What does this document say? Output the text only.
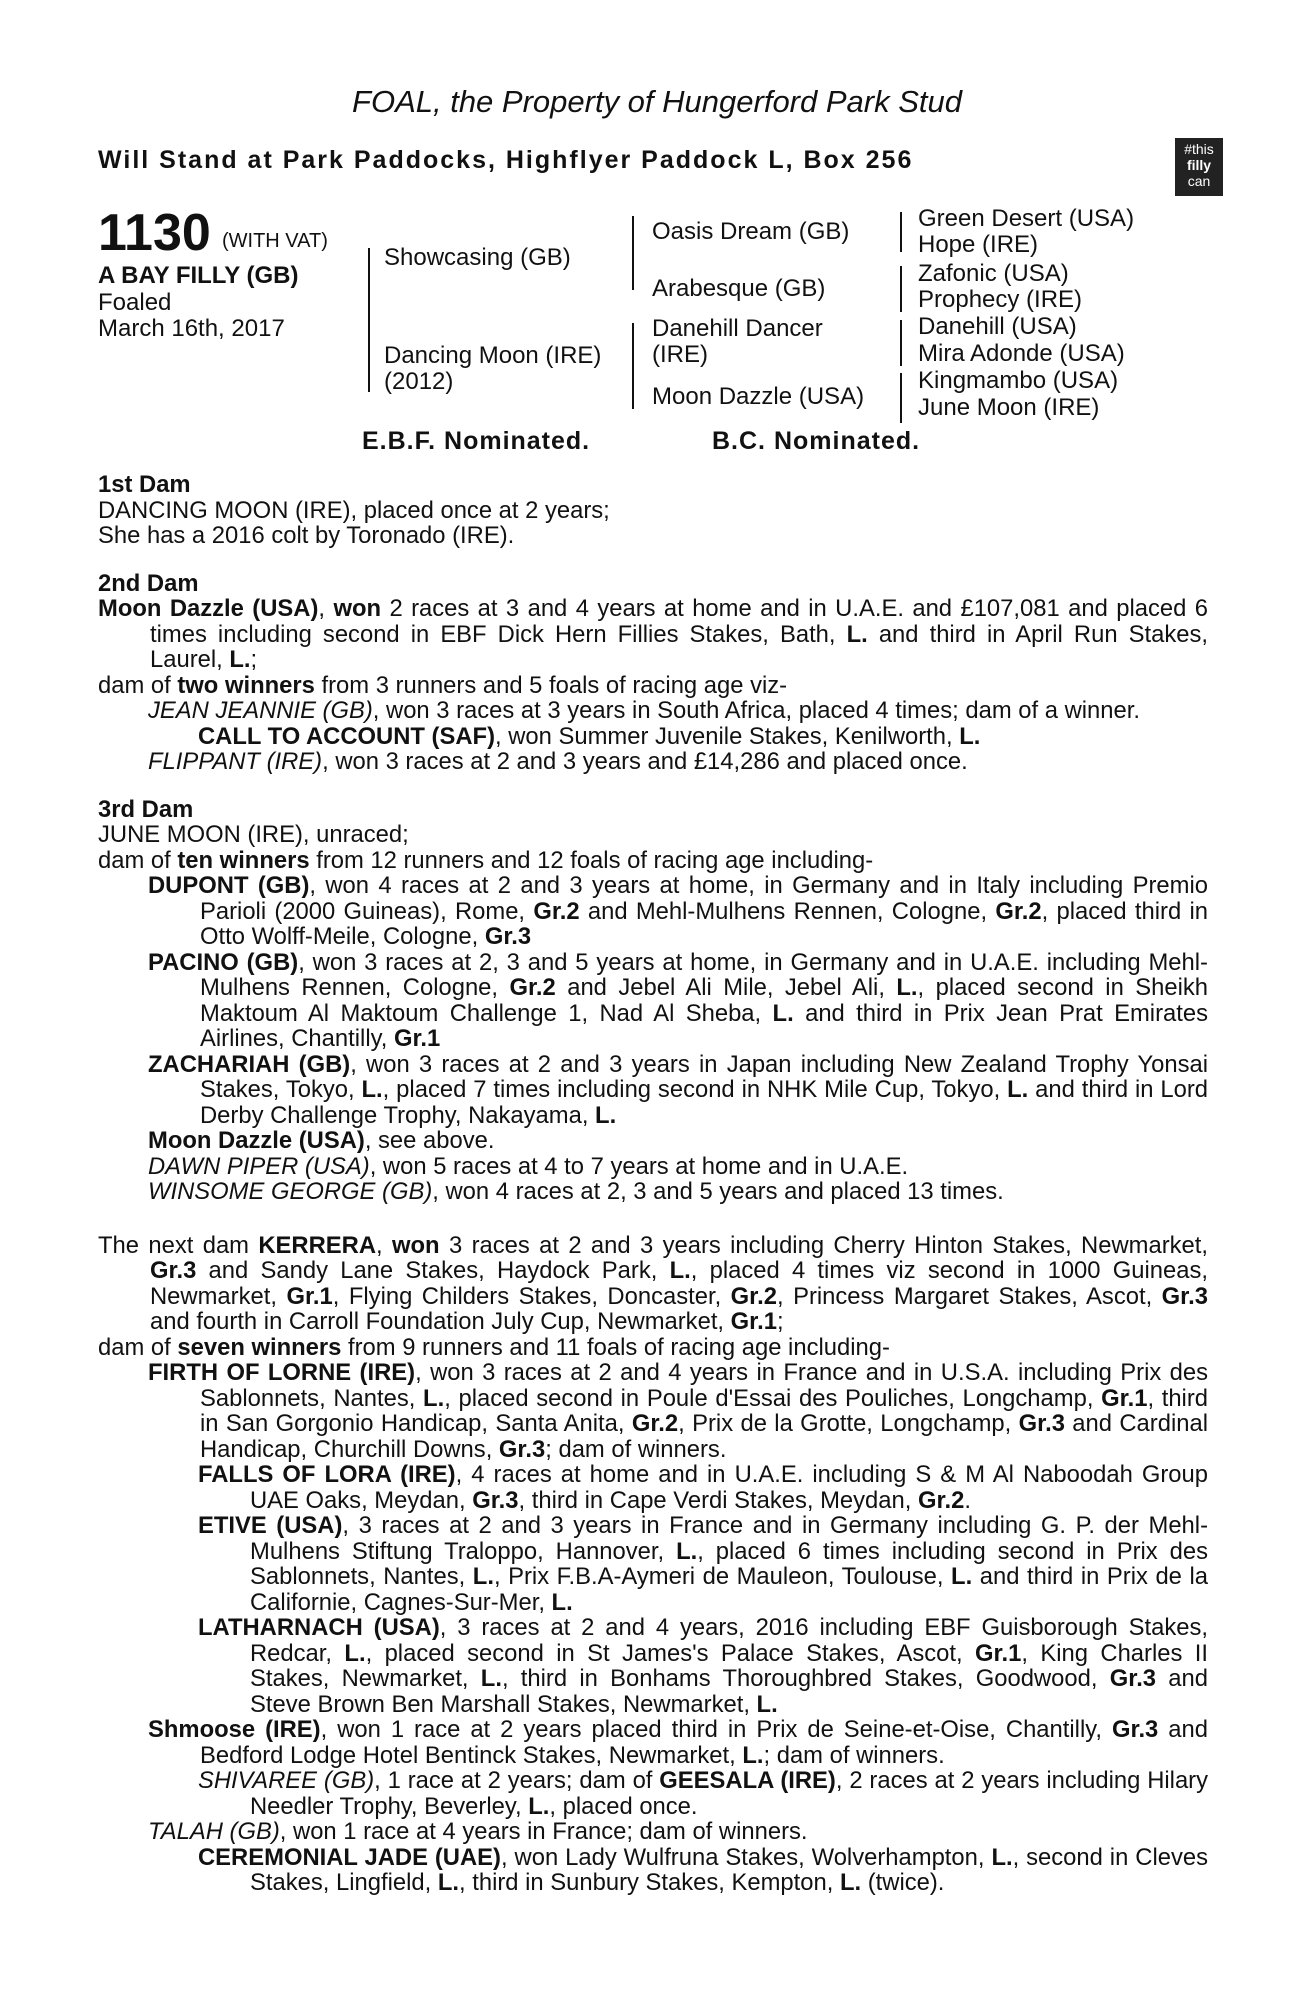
FOAL, the Property of Hungerford Park Stud
Will Stand at Park Paddocks, Highflyer Paddock L, Box 256	#this
filly
can
1130 (WITH VAT)
A BAY FILLY (GB)
Foaled
March 16th, 2017
Showcasing (GB)
Dancing Moon (IRE)
(2012)
Oasis Dream (GB)
Arabesque (GB)
Danehill Dancer
(IRE)
Moon Dazzle (USA)
Green Desert (USA)
Hope (IRE)
Zafonic (USA)
Prophecy (IRE)
Danehill (USA)
Mira Adonde (USA)
Kingmambo (USA)
June Moon (IRE)
E.B.F. Nominated.	B.C. Nominated.

1st Dam

DANCING MOON (IRE), placed once at 2 years;

She has a 2016 colt by Toronado (IRE).

2nd Dam

Moon Dazzle (USA), won 2 races at 3 and 4 years at home and in U.A.E. and £107,081 and placed 6 times including second in EBF Dick Hern Fillies Stakes, Bath, L. and third in April Run Stakes, Laurel, L.;

dam of two winners from 3 runners and 5 foals of racing age viz-

JEAN JEANNIE (GB), won 3 races at 3 years in South Africa, placed 4 times; dam of a winner.

CALL TO ACCOUNT (SAF), won Summer Juvenile Stakes, Kenilworth, L.

FLIPPANT (IRE), won 3 races at 2 and 3 years and £14,286 and placed once.

3rd Dam

JUNE MOON (IRE), unraced;

dam of ten winners from 12 runners and 12 foals of racing age including-

DUPONT (GB), won 4 races at 2 and 3 years at home, in Germany and in Italy including Premio Parioli (2000 Guineas), Rome, Gr.2 and Mehl-Mulhens Rennen, Cologne, Gr.2, placed third in Otto Wolff-Meile, Cologne, Gr.3

PACINO (GB), won 3 races at 2, 3 and 5 years at home, in Germany and in U.A.E. including Mehl-Mulhens Rennen, Cologne, Gr.2 and Jebel Ali Mile, Jebel Ali, L., placed second in Sheikh Maktoum Al Maktoum Challenge 1, Nad Al Sheba, L. and third in Prix Jean Prat Emirates Airlines, Chantilly, Gr.1

ZACHARIAH (GB), won 3 races at 2 and 3 years in Japan including New Zealand Trophy Yonsai Stakes, Tokyo, L., placed 7 times including second in NHK Mile Cup, Tokyo, L. and third in Lord Derby Challenge Trophy, Nakayama, L.

Moon Dazzle (USA), see above.

DAWN PIPER (USA), won 5 races at 4 to 7 years at home and in U.A.E.

WINSOME GEORGE (GB), won 4 races at 2, 3 and 5 years and placed 13 times.

The next dam KERRERA, won 3 races at 2 and 3 years including Cherry Hinton Stakes, Newmarket, Gr.3 and Sandy Lane Stakes, Haydock Park, L., placed 4 times viz second in 1000 Guineas, Newmarket, Gr.1, Flying Childers Stakes, Doncaster, Gr.2, Princess Margaret Stakes, Ascot, Gr.3 and fourth in Carroll Foundation July Cup, Newmarket, Gr.1;

dam of seven winners from 9 runners and 11 foals of racing age including-

FIRTH OF LORNE (IRE), won 3 races at 2 and 4 years in France and in U.S.A. including Prix des Sablonnets, Nantes, L., placed second in Poule d'Essai des Pouliches, Longchamp, Gr.1, third in San Gorgonio Handicap, Santa Anita, Gr.2, Prix de la Grotte, Longchamp, Gr.3 and Cardinal Handicap, Churchill Downs, Gr.3; dam of winners.

FALLS OF LORA (IRE), 4 races at home and in U.A.E. including S & M Al Naboodah Group UAE Oaks, Meydan, Gr.3, third in Cape Verdi Stakes, Meydan, Gr.2.

ETIVE (USA), 3 races at 2 and 3 years in France and in Germany including G. P. der Mehl-Mulhens Stiftung Traloppo, Hannover, L., placed 6 times including second in Prix des Sablonnets, Nantes, L., Prix F.B.A-Aymeri de Mauleon, Toulouse, L. and third in Prix de la Californie, Cagnes-Sur-Mer, L.

LATHARNACH (USA), 3 races at 2 and 4 years, 2016 including EBF Guisborough Stakes, Redcar, L., placed second in St James's Palace Stakes, Ascot, Gr.1, King Charles II Stakes, Newmarket, L., third in Bonhams Thoroughbred Stakes, Goodwood, Gr.3 and Steve Brown Ben Marshall Stakes, Newmarket, L.

Shmoose (IRE), won 1 race at 2 years placed third in Prix de Seine-et-Oise, Chantilly, Gr.3 and Bedford Lodge Hotel Bentinck Stakes, Newmarket, L.; dam of winners.

SHIVAREE (GB), 1 race at 2 years; dam of GEESALA (IRE), 2 races at 2 years including Hilary Needler Trophy, Beverley, L., placed once.

TALAH (GB), won 1 race at 4 years in France; dam of winners.

CEREMONIAL JADE (UAE), won Lady Wulfruna Stakes, Wolverhampton, L., second in Cleves Stakes, Lingfield, L., third in Sunbury Stakes, Kempton, L. (twice).
